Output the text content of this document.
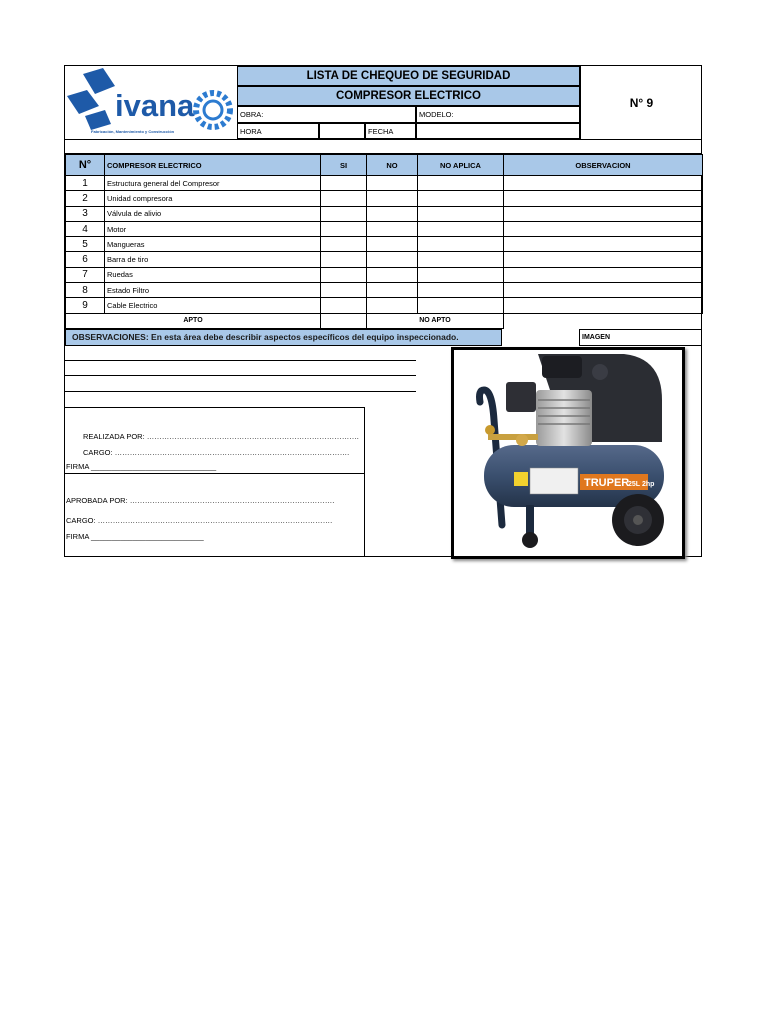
ivana
Fabricación, Mantenimiento y Construcción
LISTA DE CHEQUEO DE SEGURIDAD
COMPRESOR ELECTRICO
OBRA:	MODELO:
HORA	FECHA
N° 9
N°	COMPRESOR ELECTRICO	SI	NO	NO APLICA	OBSERVACION
1	Estructura general del Compresor				
2	Unidad compresora				
3	Válvula de alivio				
4	Motor				
5	Mangueras				
6	Barra de tiro				
7	Ruedas				
8	Estado Filtro				
9	Cable Electrico				
APTO			NO APTO		
OBSERVACIONES: En esta área debe describir aspectos específicos del equipo inspeccionado.	IMAGEN
REALIZADA POR: ………………………………………………………………………….
CARGO: ………………………………………………………………………………….
FIRMA ______________________________
APROBADA POR: ……………………………………………………………………….
CARGO: ………………………………………………………………………………….
FIRMA ___________________________
TRUPER
25L 2hp
